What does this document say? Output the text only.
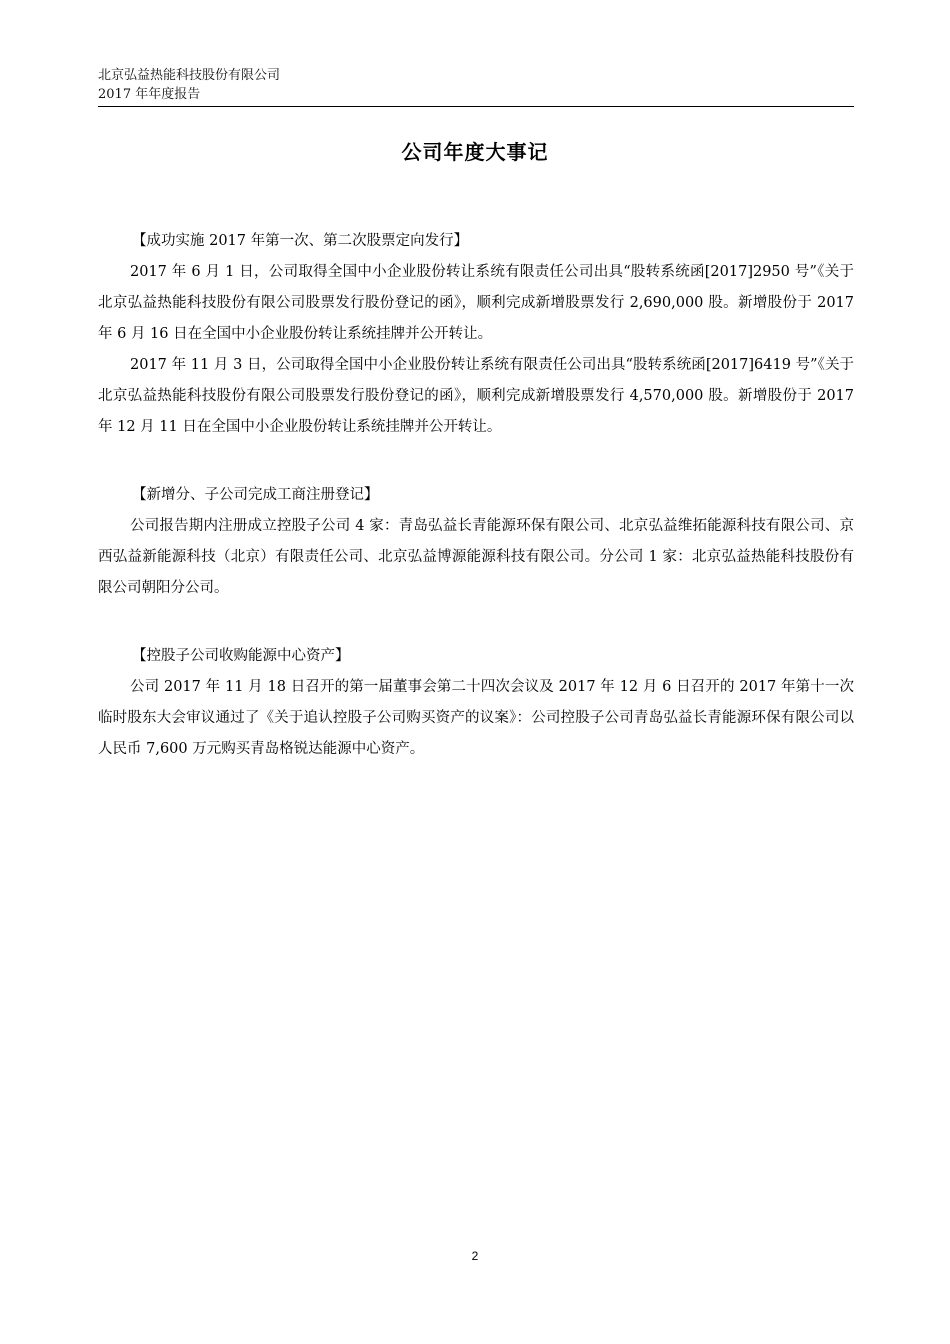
北京弘益热能科技股份有限公司
2017 年年度报告
公司年度大事记
【成功实施 2017 年第一次、第二次股票定向发行】

2017 年 6 月 1 日，公司取得全国中小企业股份转让系统有限责任公司出具“股转系统函[2017]2950 号”《关于北京弘益热能科技股份有限公司股票发行股份登记的函》，顺利完成新增股票发行 2,690,000 股。新增股份于 2017 年 6 月 16 日在全国中小企业股份转让系统挂牌并公开转让。

2017 年 11 月 3 日，公司取得全国中小企业股份转让系统有限责任公司出具“股转系统函[2017]6419 号”《关于北京弘益热能科技股份有限公司股票发行股份登记的函》，顺利完成新增股票发行 4,570,000 股。新增股份于 2017 年 12 月 11 日在全国中小企业股份转让系统挂牌并公开转让。

【新增分、子公司完成工商注册登记】

公司报告期内注册成立控股子公司 4 家：青岛弘益长青能源环保有限公司、北京弘益维拓能源科技有限公司、京西弘益新能源科技（北京）有限责任公司、北京弘益博源能源科技有限公司。分公司 1 家：北京弘益热能科技股份有限公司朝阳分公司。

【控股子公司收购能源中心资产】

公司 2017 年 11 月 18 日召开的第一届董事会第二十四次会议及 2017 年 12 月 6 日召开的 2017 年第十一次临时股东大会审议通过了《关于追认控股子公司购买资产的议案》：公司控股子公司青岛弘益长青能源环保有限公司以人民币 7,600 万元购买青岛格锐达能源中心资产。

2
